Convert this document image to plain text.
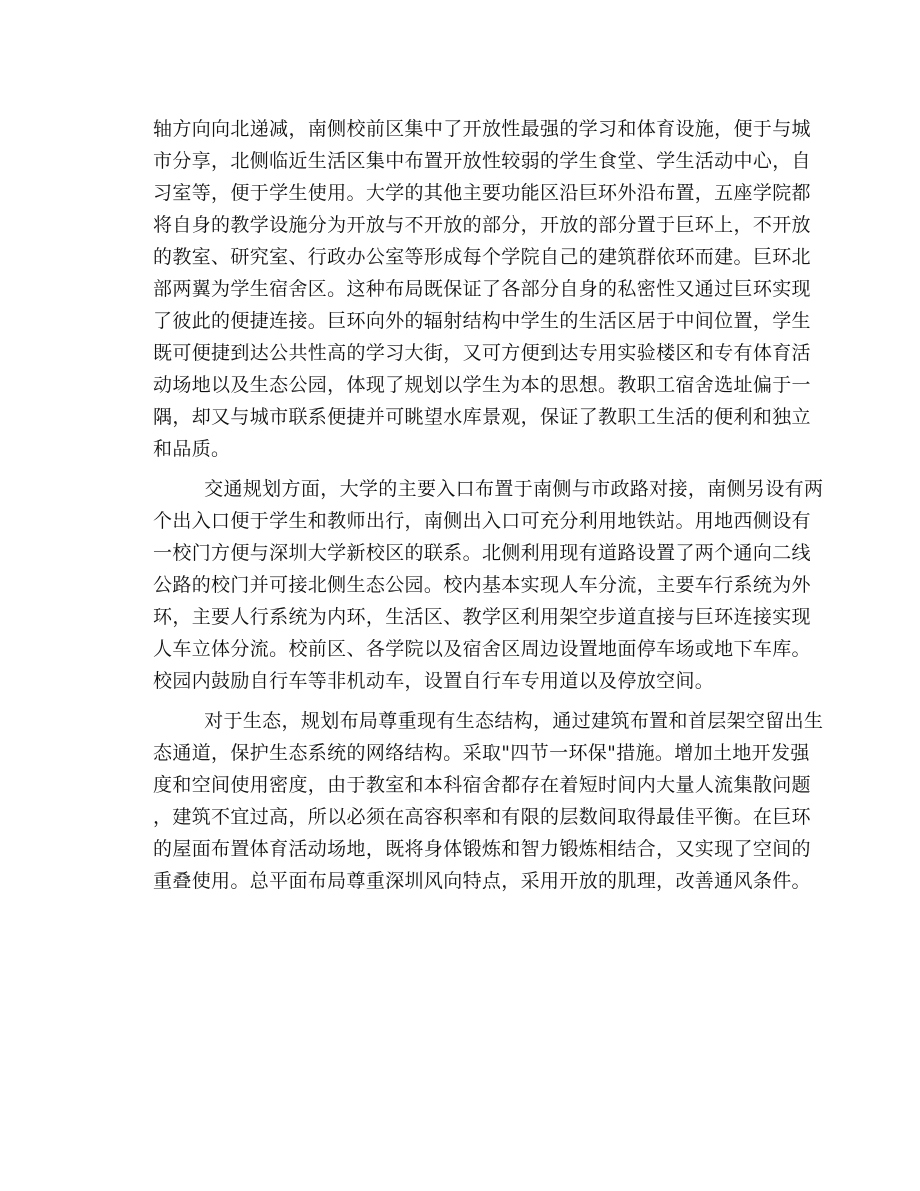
轴方向向北递减，南侧校前区集中了开放性最强的学习和体育设施，便于与城
市分享，北侧临近生活区集中布置开放性较弱的学生食堂、学生活动中心，自
习室等，便于学生使用。大学的其他主要功能区沿巨环外沿布置，五座学院都
将自身的教学设施分为开放与不开放的部分，开放的部分置于巨环上，不开放
的教室、研究室、行政办公室等形成每个学院自己的建筑群依环而建。巨环北
部两翼为学生宿舍区。这种布局既保证了各部分自身的私密性又通过巨环实现
了彼此的便捷连接。巨环向外的辐射结构中学生的生活区居于中间位置，学生
既可便捷到达公共性高的学习大街，又可方便到达专用实验楼区和专有体育活
动场地以及生态公园，体现了规划以学生为本的思想。教职工宿舍选址偏于一
隅，却又与城市联系便捷并可眺望水库景观，保证了教职工生活的便利和独立
和品质。
交通规划方面，大学的主要入口布置于南侧与市政路对接，南侧另设有两
个出入口便于学生和教师出行，南侧出入口可充分利用地铁站。用地西侧设有
一校门方便与深圳大学新校区的联系。北侧利用现有道路设置了两个通向二线
公路的校门并可接北侧生态公园。校内基本实现人车分流，主要车行系统为外
环，主要人行系统为内环，生活区、教学区利用架空步道直接与巨环连接实现
人车立体分流。校前区、各学院以及宿舍区周边设置地面停车场或地下车库。
校园内鼓励自行车等非机动车，设置自行车专用道以及停放空间。
对于生态，规划布局尊重现有生态结构，通过建筑布置和首层架空留出生
态通道，保护生态系统的网络结构。采取"四节一环保"措施。增加土地开发强
度和空间使用密度，由于教室和本科宿舍都存在着短时间内大量人流集散问题
，建筑不宜过高，所以必须在高容积率和有限的层数间取得最佳平衡。在巨环
的屋面布置体育活动场地，既将身体锻炼和智力锻炼相结合，又实现了空间的
重叠使用。总平面布局尊重深圳风向特点，采用开放的肌理，改善通风条件。
